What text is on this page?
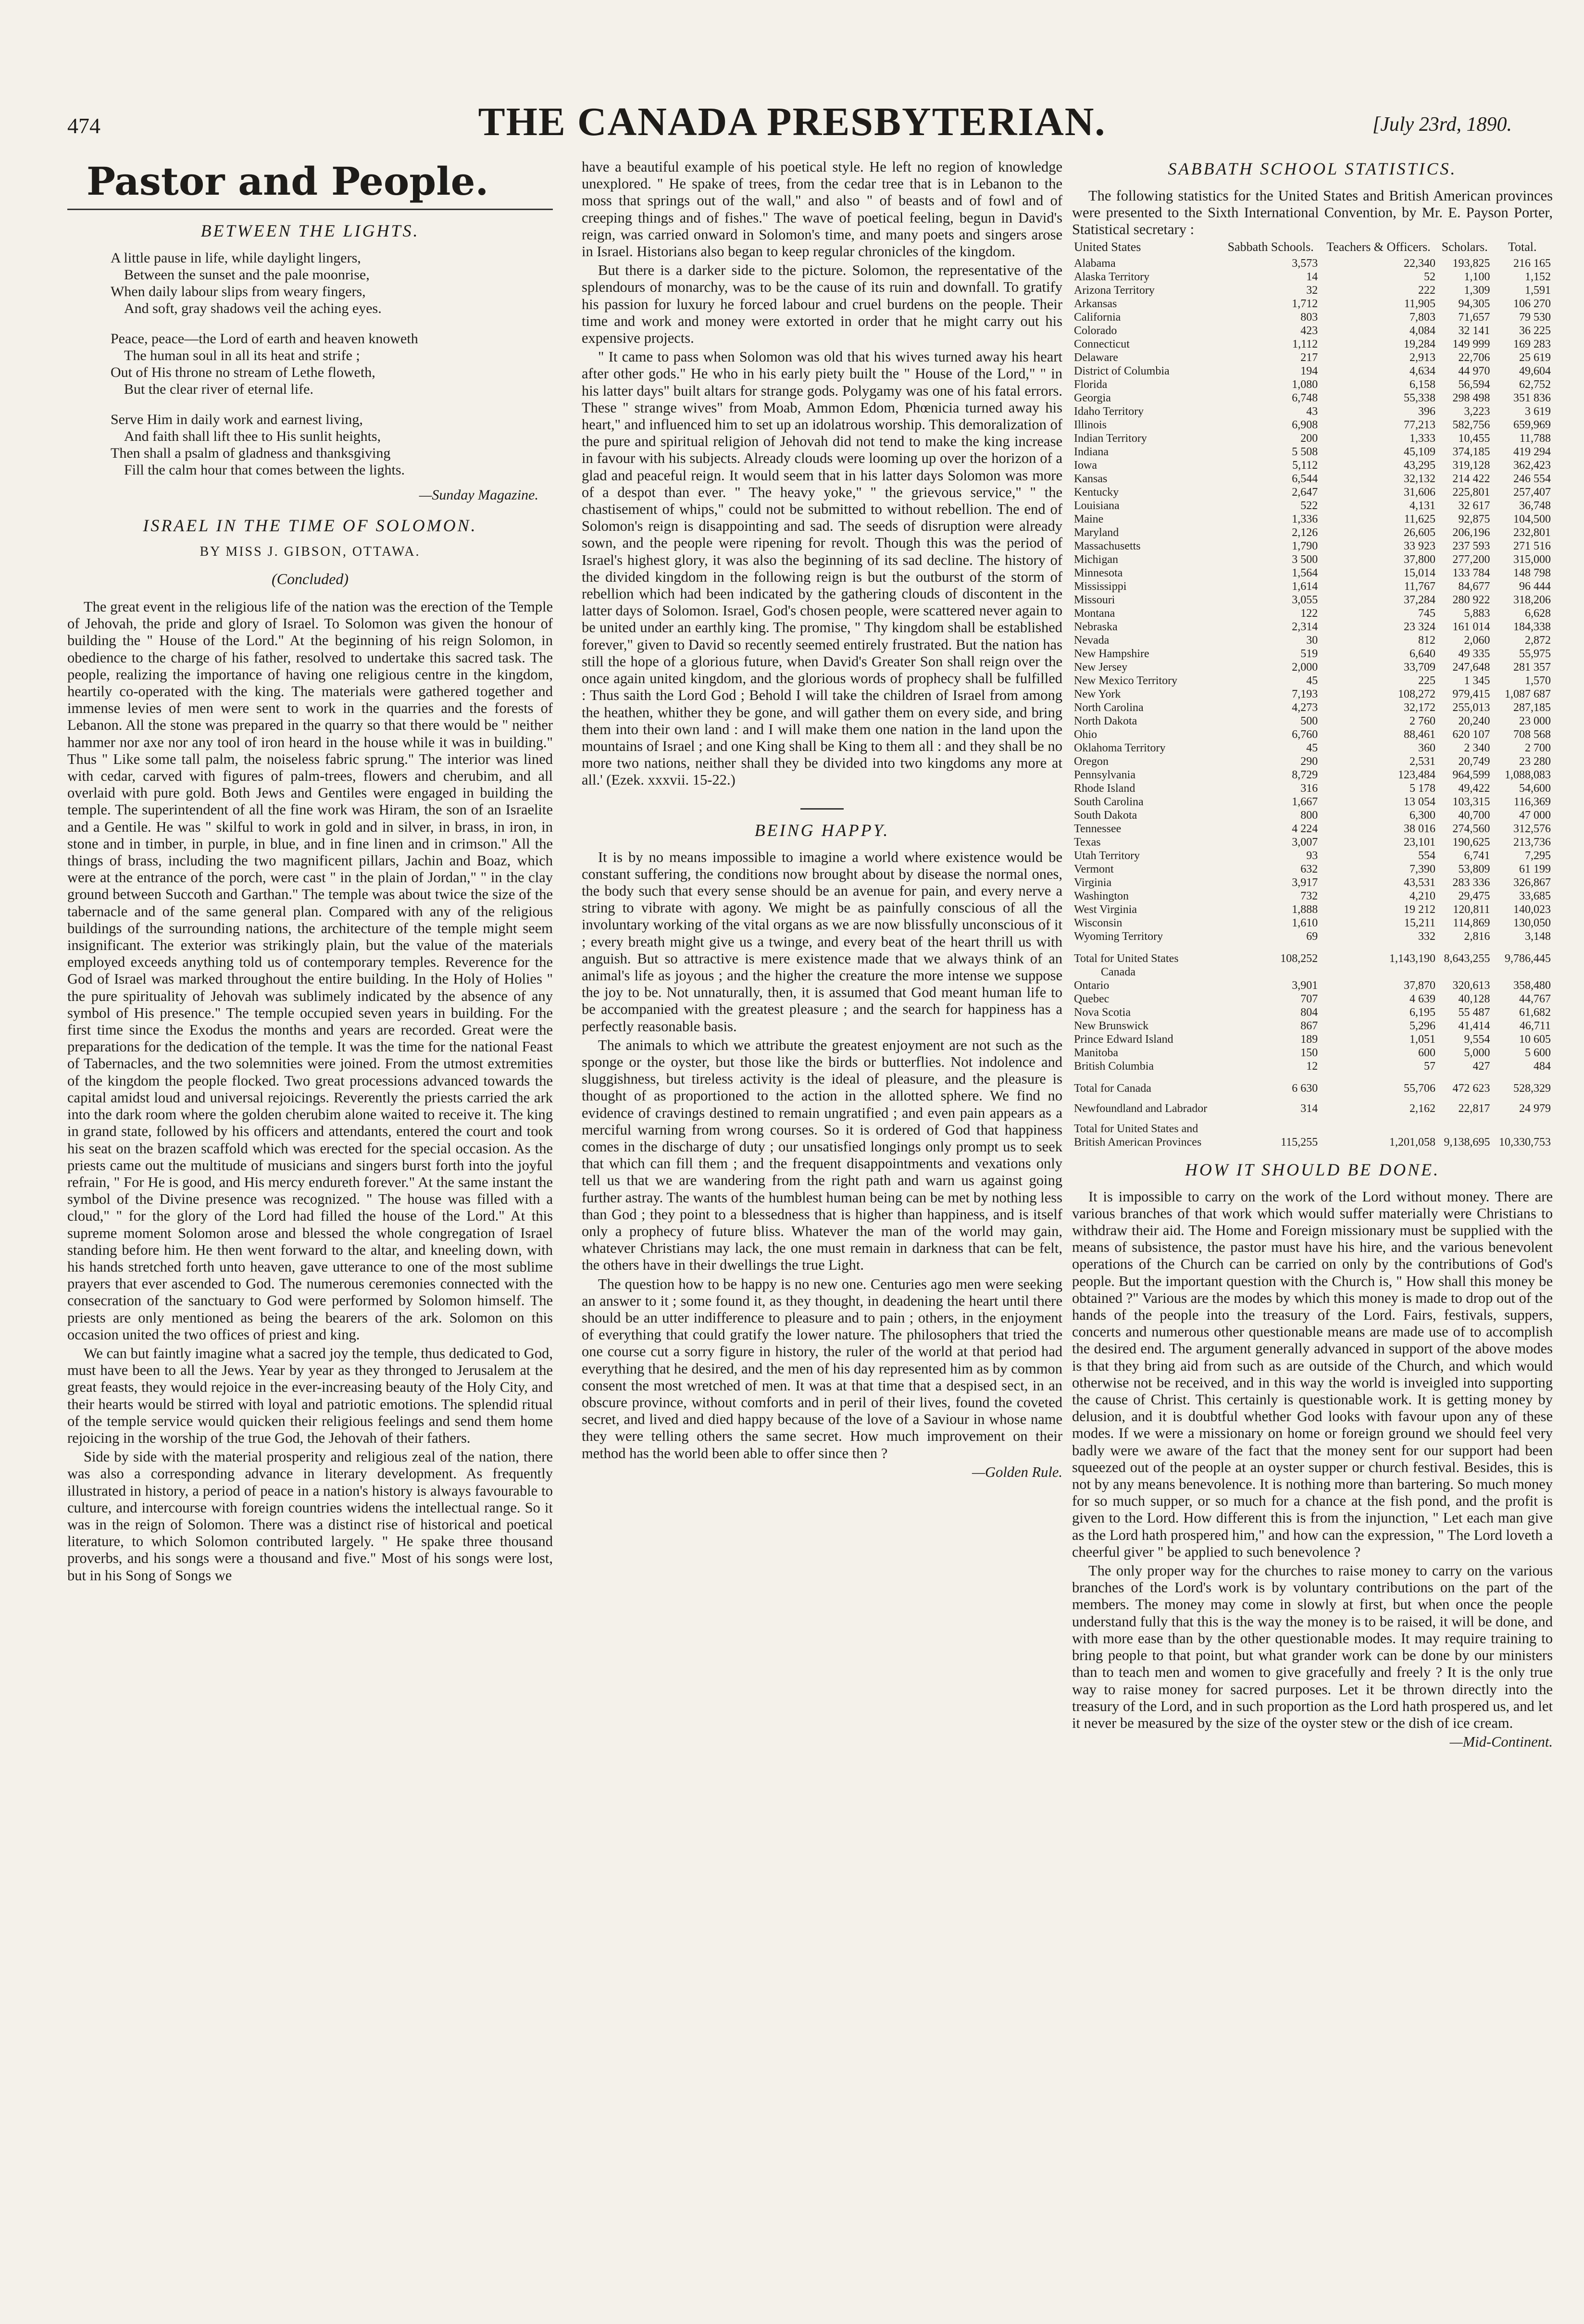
474	THE CANADA PRESBYTERIAN.	[July 23rd, 1890.
Pastor and People.
BETWEEN THE LIGHTS.
A little pause in life, while daylight lingers,
Between the sunset and the pale moonrise,
When daily labour slips from weary fingers,
And soft, gray shadows veil the aching eyes.
Peace, peace—the Lord of earth and heaven knoweth
The human soul in all its heat and strife ;
Out of His throne no stream of Lethe floweth,
But the clear river of eternal life.
Serve Him in daily work and earnest living,
And faith shall lift thee to His sunlit heights,
Then shall a psalm of gladness and thanksgiving
Fill the calm hour that comes between the lights.
—Sunday Magazine.
ISRAEL IN THE TIME OF SOLOMON.
BY MISS J. GIBSON, OTTAWA.
(Concluded)

The great event in the religious life of the nation was the erection of the Temple of Jehovah, the pride and glory of Israel. To Solomon was given the honour of building the " House of the Lord." At the beginning of his reign Solomon, in obedience to the charge of his father, resolved to undertake this sacred task. The people, realizing the importance of having one religious centre in the kingdom, heartily co-operated with the king. The materials were gathered together and immense levies of men were sent to work in the quarries and the forests of Lebanon. All the stone was prepared in the quarry so that there would be " neither hammer nor axe nor any tool of iron heard in the house while it was in building." Thus " Like some tall palm, the noiseless fabric sprung." The interior was lined with cedar, carved with figures of palm-trees, flowers and cherubim, and all overlaid with pure gold. Both Jews and Gentiles were engaged in building the temple. The superintendent of all the fine work was Hiram, the son of an Israelite and a Gentile. He was " skilful to work in gold and in silver, in brass, in iron, in stone and in timber, in purple, in blue, and in fine linen and in crimson." All the things of brass, including the two magnificent pillars, Jachin and Boaz, which were at the entrance of the porch, were cast " in the plain of Jordan," " in the clay ground between Succoth and Garthan." The temple was about twice the size of the tabernacle and of the same general plan. Compared with any of the religious buildings of the surrounding nations, the architecture of the temple might seem insignificant. The exterior was strikingly plain, but the value of the materials employed exceeds anything told us of contemporary temples. Reverence for the God of Israel was marked throughout the entire building. In the Holy of Holies " the pure spirituality of Jehovah was sublimely indicated by the absence of any symbol of His presence." The temple occupied seven years in building. For the first time since the Exodus the months and years are recorded. Great were the preparations for the dedication of the temple. It was the time for the national Feast of Tabernacles, and the two solemnities were joined. From the utmost extremities of the kingdom the people flocked. Two great processions advanced towards the capital amidst loud and universal rejoicings. Reverently the priests carried the ark into the dark room where the golden cherubim alone waited to receive it. The king in grand state, followed by his officers and attendants, entered the court and took his seat on the brazen scaffold which was erected for the special occasion. As the priests came out the multitude of musicians and singers burst forth into the joyful refrain, " For He is good, and His mercy endureth forever." At the same instant the symbol of the Divine presence was recognized. " The house was filled with a cloud," " for the glory of the Lord had filled the house of the Lord." At this supreme moment Solomon arose and blessed the whole congregation of Israel standing before him. He then went forward to the altar, and kneeling down, with his hands stretched forth unto heaven, gave utterance to one of the most sublime prayers that ever ascended to God. The numerous ceremonies connected with the consecration of the sanctuary to God were performed by Solomon himself. The priests are only mentioned as being the bearers of the ark. Solomon on this occasion united the two offices of priest and king.

We can but faintly imagine what a sacred joy the temple, thus dedicated to God, must have been to all the Jews. Year by year as they thronged to Jerusalem at the great feasts, they would rejoice in the ever-increasing beauty of the Holy City, and their hearts would be stirred with loyal and patriotic emotions. The splendid ritual of the temple service would quicken their religious feelings and send them home rejoicing in the worship of the true God, the Jehovah of their fathers.

Side by side with the material prosperity and religious zeal of the nation, there was also a corresponding advance in literary development. As frequently illustrated in history, a period of peace in a nation's history is always favourable to culture, and intercourse with foreign countries widens the intellectual range. So it was in the reign of Solomon. There was a distinct rise of historical and poetical literature, to which Solomon contributed largely. " He spake three thousand proverbs, and his songs were a thousand and five." Most of his songs were lost, but in his Song of Songs we

have a beautiful example of his poetical style. He left no region of knowledge unexplored. " He spake of trees, from the cedar tree that is in Lebanon to the moss that springs out of the wall," and also " of beasts and of fowl and of creeping things and of fishes." The wave of poetical feeling, begun in David's reign, was carried onward in Solomon's time, and many poets and singers arose in Israel. Historians also began to keep regular chronicles of the kingdom.

But there is a darker side to the picture. Solomon, the representative of the splendours of monarchy, was to be the cause of its ruin and downfall. To gratify his passion for luxury he forced labour and cruel burdens on the people. Their time and work and money were extorted in order that he might carry out his expensive projects.

" It came to pass when Solomon was old that his wives turned away his heart after other gods." He who in his early piety built the " House of the Lord," " in his latter days" built altars for strange gods. Polygamy was one of his fatal errors. These " strange wives" from Moab, Ammon Edom, Phœnicia turned away his heart," and influenced him to set up an idolatrous worship. This demoralization of the pure and spiritual religion of Jehovah did not tend to make the king increase in favour with his subjects. Already clouds were looming up over the horizon of a glad and peaceful reign. It would seem that in his latter days Solomon was more of a despot than ever. " The heavy yoke," " the grievous service," " the chastisement of whips," could not be submitted to without rebellion. The end of Solomon's reign is disappointing and sad. The seeds of disruption were already sown, and the people were ripening for revolt. Though this was the period of Israel's highest glory, it was also the beginning of its sad decline. The history of the divided kingdom in the following reign is but the outburst of the storm of rebellion which had been indicated by the gathering clouds of discontent in the latter days of Solomon. Israel, God's chosen people, were scattered never again to be united under an earthly king. The promise, " Thy kingdom shall be established forever," given to David so recently seemed entirely frustrated. But the nation has still the hope of a glorious future, when David's Greater Son shall reign over the once again united kingdom, and the glorious words of prophecy shall be fulfilled : Thus saith the Lord God ; Behold I will take the children of Israel from among the heathen, whither they be gone, and will gather them on every side, and bring them into their own land : and I will make them one nation in the land upon the mountains of Israel ; and one King shall be King to them all : and they shall be no more two nations, neither shall they be divided into two kingdoms any more at all.' (Ezek. xxxvii. 15-22.)

BEING HAPPY.

It is by no means impossible to imagine a world where existence would be constant suffering, the conditions now brought about by disease the normal ones, the body such that every sense should be an avenue for pain, and every nerve a string to vibrate with agony. We might be as painfully conscious of all the involuntary working of the vital organs as we are now blissfully unconscious of it ; every breath might give us a twinge, and every beat of the heart thrill us with anguish. But so attractive is mere existence made that we always think of an animal's life as joyous ; and the higher the creature the more intense we suppose the joy to be. Not unnaturally, then, it is assumed that God meant human life to be accompanied with the greatest pleasure ; and the search for happiness has a perfectly reasonable basis.

The animals to which we attribute the greatest enjoyment are not such as the sponge or the oyster, but those like the birds or butterflies. Not indolence and sluggishness, but tireless activity is the ideal of pleasure, and the pleasure is thought of as proportioned to the action in the allotted sphere. We find no evidence of cravings destined to remain ungratified ; and even pain appears as a merciful warning from wrong courses. So it is ordered of God that happiness comes in the discharge of duty ; our unsatisfied longings only prompt us to seek that which can fill them ; and the frequent disappointments and vexations only tell us that we are wandering from the right path and warn us against going further astray. The wants of the humblest human being can be met by nothing less than God ; they point to a blessedness that is higher than happiness, and is itself only a prophecy of future bliss. Whatever the man of the world may gain, whatever Christians may lack, the one must remain in darkness that can be felt, the others have in their dwellings the true Light.

The question how to be happy is no new one. Centuries ago men were seeking an answer to it ; some found it, as they thought, in deadening the heart until there should be an utter indifference to pleasure and to pain ; others, in the enjoyment of everything that could gratify the lower nature. The philosophers that tried the one course cut a sorry figure in history, the ruler of the world at that period had everything that he desired, and the men of his day represented him as by common consent the most wretched of men. It was at that time that a despised sect, in an obscure province, without comforts and in peril of their lives, found the coveted secret, and lived and died happy because of the love of a Saviour in whose name they were telling others the same secret. How much improvement on their method has the world been able to offer since then ?

—Golden Rule.

SABBATH SCHOOL STATISTICS.

The following statistics for the United States and British American provinces were presented to the Sixth International Convention, by Mr. E. Payson Porter, Statistical secretary :

United States	Sabbath Schools.	Teachers & Officers.	Scholars.	Total.
Alabama	3,573	22,340	193,825	216 165
Alaska Territory	14	52	1,100	1,152
Arizona Territory	32	222	1,309	1,591
Arkansas	1,712	11,905	94,305	106 270
California	803	7,803	71,657	79 530
Colorado	423	4,084	32 141	36 225
Connecticut	1,112	19,284	149 999	169 283
Delaware	217	2,913	22,706	25 619
District of Columbia	194	4,634	44 970	49,604
Florida	1,080	6,158	56,594	62,752
Georgia	6,748	55,338	298 498	351 836
Idaho Territory	43	396	3,223	3 619
Illinois	6,908	77,213	582,756	659,969
Indian Territory	200	1,333	10,455	11,788
Indiana	5 508	45,109	374,185	419 294
Iowa	5,112	43,295	319,128	362,423
Kansas	6,544	32,132	214 422	246 554
Kentucky	2,647	31,606	225,801	257,407
Louisiana	522	4,131	32 617	36,748
Maine	1,336	11,625	92,875	104,500
Maryland	2,126	26,605	206,196	232,801
Massachusetts	1,790	33 923	237 593	271 516
Michigan	3 500	37,800	277,200	315,000
Minnesota	1,564	15,014	133 784	148 798
Mississippi	1,614	11,767	84,677	96 444
Missouri	3,055	37,284	280 922	318,206
Montana	122	745	5,883	6,628
Nebraska	2,314	23 324	161 014	184,338
Nevada	30	812	2,060	2,872
New Hampshire	519	6,640	49 335	55,975
New Jersey	2,000	33,709	247,648	281 357
New Mexico Territory	45	225	1 345	1,570
New York	7,193	108,272	979,415	1,087 687
North Carolina	4,273	32,172	255,013	287,185
North Dakota	500	2 760	20,240	23 000
Ohio	6,760	88,461	620 107	708 568
Oklahoma Territory	45	360	2 340	2 700
Oregon	290	2,531	20,749	23 280
Pennsylvania	8,729	123,484	964,599	1,088,083
Rhode Island	316	5 178	49,422	54,600
South Carolina	1,667	13 054	103,315	116,369
South Dakota	800	6,300	40,700	47 000
Tennessee	4 224	38 016	274,560	312,576
Texas	3,007	23,101	190,625	213,736
Utah Territory	93	554	6,741	7,295
Vermont	632	7,390	53,809	61 199
Virginia	3,917	43,531	283 336	326,867
Washington	732	4,210	29,475	33,685
West Virginia	1,888	19 212	120,811	140,023
Wisconsin	1,610	15,211	114,869	130,050
Wyoming Territory	69	332	2,816	3,148
Total for United States	108,252	1,143,190	8,643,255	9,786,445
Canada				
Ontario	3,901	37,870	320,613	358,480
Quebec	707	4 639	40,128	44,767
Nova Scotia	804	6,195	55 487	61,682
New Brunswick	867	5,296	41,414	46,711
Prince Edward Island	189	1,051	9,554	10 605
Manitoba	150	600	5,000	5 600
British Columbia	12	57	427	484
Total for Canada	6 630	55,706	472 623	528,329
Newfoundland and Labrador	314	2,162	22,817	24 979
Total for United States and British American Provinces	115,255	1,201,058	9,138,695	10,330,753
HOW IT SHOULD BE DONE.

It is impossible to carry on the work of the Lord without money. There are various branches of that work which would suffer materially were Christians to withdraw their aid. The Home and Foreign missionary must be supplied with the means of subsistence, the pastor must have his hire, and the various benevolent operations of the Church can be carried on only by the contributions of God's people. But the important question with the Church is, " How shall this money be obtained ?" Various are the modes by which this money is made to drop out of the hands of the people into the treasury of the Lord. Fairs, festivals, suppers, concerts and numerous other questionable means are made use of to accomplish the desired end. The argument generally advanced in support of the above modes is that they bring aid from such as are outside of the Church, and which would otherwise not be received, and in this way the world is inveigled into supporting the cause of Christ. This certainly is questionable work. It is getting money by delusion, and it is doubtful whether God looks with favour upon any of these modes. If we were a missionary on home or foreign ground we should feel very badly were we aware of the fact that the money sent for our support had been squeezed out of the people at an oyster supper or church festival. Besides, this is not by any means benevolence. It is nothing more than bartering. So much money for so much supper, or so much for a chance at the fish pond, and the profit is given to the Lord. How different this is from the injunction, " Let each man give as the Lord hath prospered him," and how can the expression, " The Lord loveth a cheerful giver " be applied to such benevolence ?

The only proper way for the churches to raise money to carry on the various branches of the Lord's work is by voluntary contributions on the part of the members. The money may come in slowly at first, but when once the people understand fully that this is the way the money is to be raised, it will be done, and with more ease than by the other questionable modes. It may require training to bring people to that point, but what grander work can be done by our ministers than to teach men and women to give gracefully and freely ? It is the only true way to raise money for sacred purposes. Let it be thrown directly into the treasury of the Lord, and in such proportion as the Lord hath prospered us, and let it never be measured by the size of the oyster stew or the dish of ice cream.

—Mid-Continent.
